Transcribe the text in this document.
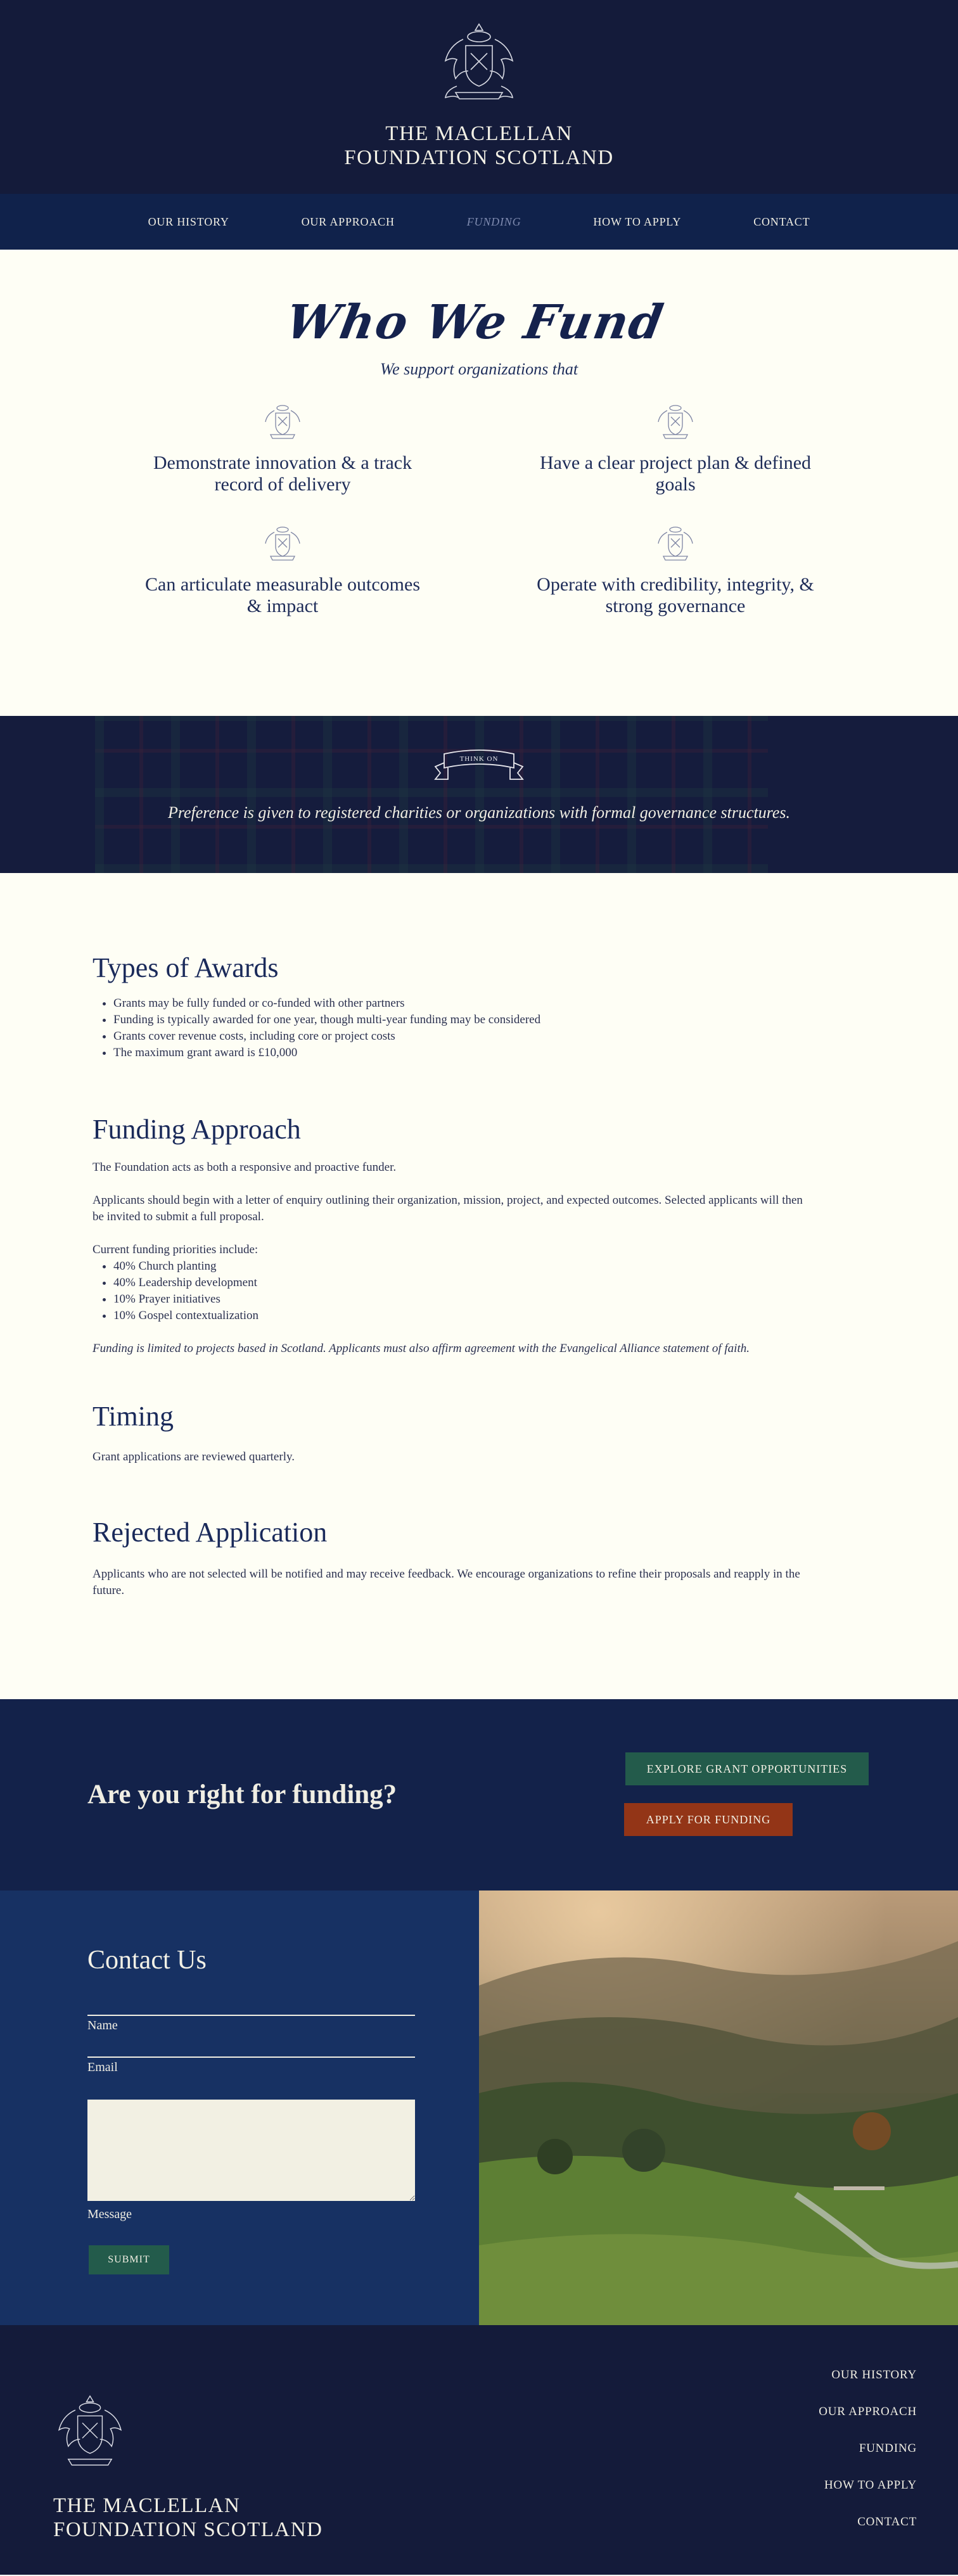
THE MACLELLAN
FOUNDATION SCOTLAND
OUR HISTORY	OUR APPROACH	FUNDING	HOW TO APPLY	CONTACT
Who We Fund

We support organizations that

Demonstrate innovation & a track record of delivery

Have a clear project plan & defined goals

Can articulate measurable outcomes & impact

Operate with credibility, integrity, & strong governance

THINK ON

Preference is given to registered charities or organizations with formal governance structures.

Types of Awards
• Grants may be fully funded or co-funded with other partners
• Funding is typically awarded for one year, though multi-year funding may be considered
• Grants cover revenue costs, including core or project costs
• The maximum grant award is £10,000
Funding Approach

The Foundation acts as both a responsive and proactive funder.

Applicants should begin with a letter of enquiry outlining their organization, mission, project, and expected outcomes. Selected applicants will then be invited to submit a full proposal.

Current funding priorities include:

• 40% Church planting
• 40% Leadership development
• 10% Prayer initiatives
• 10% Gospel contextualization

Funding is limited to projects based in Scotland. Applicants must also affirm agreement with the Evangelical Alliance statement of faith.

Timing

Grant applications are reviewed quarterly.

Rejected Application

Applicants who are not selected will be notified and may receive feedback. We encourage organizations to refine their proposals and reapply in the future.

Are you right for funding?
EXPLORE GRANT OPPORTUNITIES
APPLY FOR FUNDING
Contact Us
Name
Email
Message
SUBMIT
THE MACLELLAN
FOUNDATION SCOTLAND
OUR HISTORY
OUR APPROACH
FUNDING
HOW TO APPLY
CONTACT
